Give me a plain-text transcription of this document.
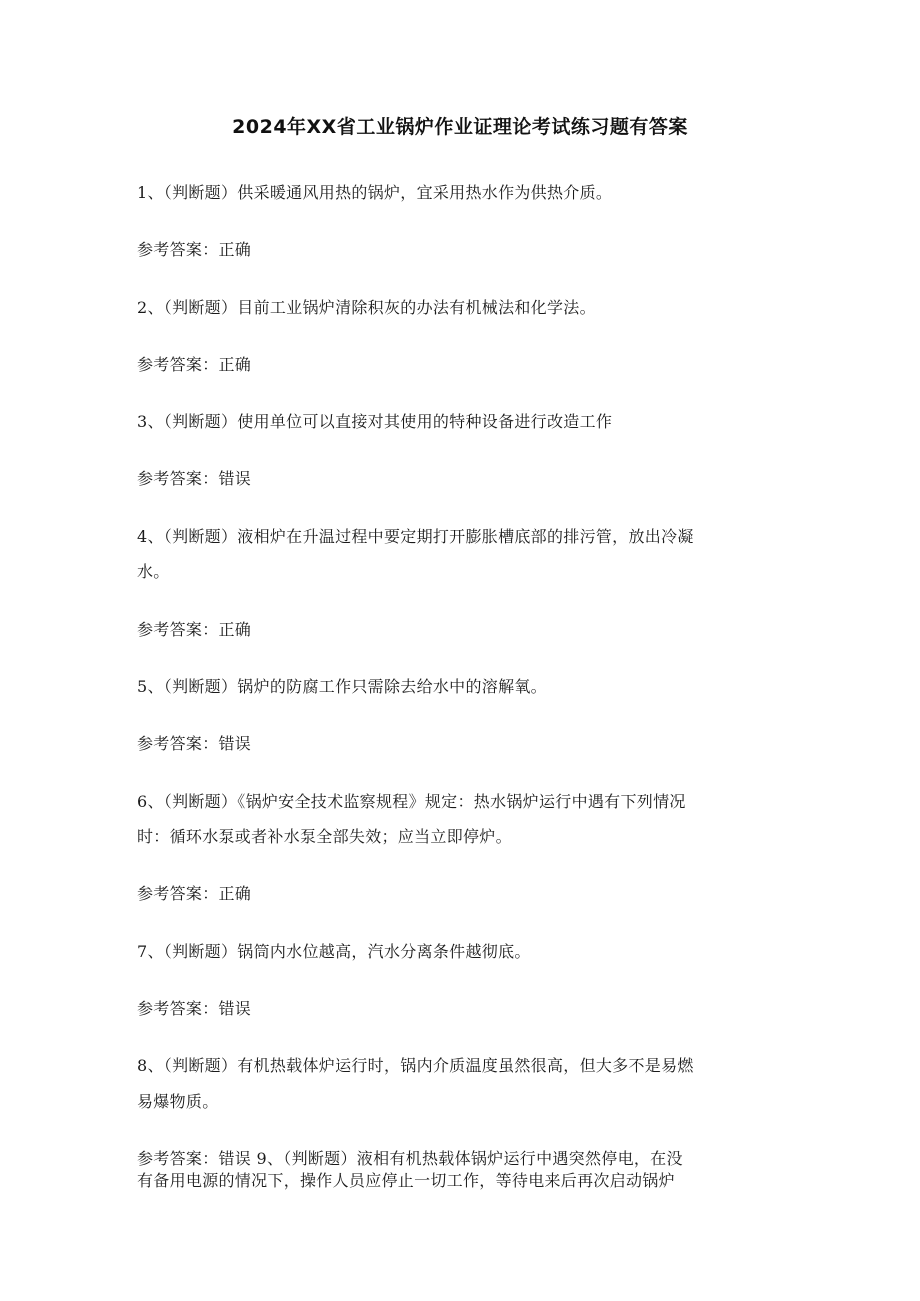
2024年XX省工业锅炉作业证理论考试练习题有答案
1、（判断题）供采暖通风用热的锅炉，宜采用热水作为供热介质。
参考答案：正确
2、（判断题）目前工业锅炉清除积灰的办法有机械法和化学法。
参考答案：正确
3、（判断题）使用单位可以直接对其使用的特种设备进行改造工作
参考答案：错误
4、（判断题）液相炉在升温过程中要定期打开膨胀槽底部的排污管，放出冷凝
水。
参考答案：正确
5、（判断题）锅炉的防腐工作只需除去给水中的溶解氧。
参考答案：错误
6、（判断题）《锅炉安全技术监察规程》规定：热水锅炉运行中遇有下列情况
时：循环水泵或者补水泵全部失效；应当立即停炉。
参考答案：正确
7、（判断题）锅筒内水位越高，汽水分离条件越彻底。
参考答案：错误
8、（判断题）有机热载体炉运行时，锅内介质温度虽然很高，但大多不是易燃
易爆物质。
参考答案：错误 9、（判断题）液相有机热载体锅炉运行中遇突然停电，在没
有备用电源的情况下，操作人员应停止一切工作，等待电来后再次启动锅炉
